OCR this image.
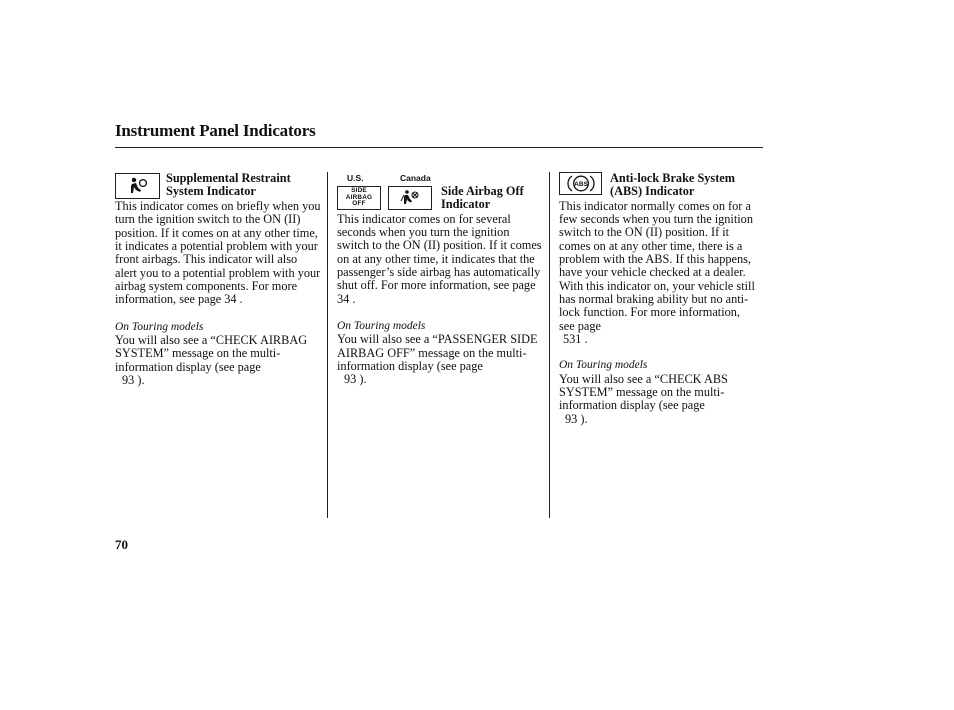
Instrument Panel Indicators
Supplemental Restraint
System Indicator

This indicator comes on briefly when you turn the ignition switch to the ON (II) position. If it comes on at any other time, it indicates a potential problem with your front airbags. This indicator will also alert you to a potential problem with your airbag system components. For more information, see page 34 .

On Touring models

You will also see a “CHECK AIRBAG SYSTEM” message on the multi-information display (see page

93 ).

U.S.	Canada
SIDE
AIRBAG
OFF
Side Airbag Off
Indicator

This indicator comes on for several seconds when you turn the ignition switch to the ON (II) position. If it comes on at any other time, it indicates that the passenger’s side airbag has automatically shut off. For more information, see page 34 .

On Touring models

You will also see a “PASSENGER SIDE AIRBAG OFF” message on the multi-information display (see page

93 ).

ABS Anti-lock Brake System
(ABS) Indicator

This indicator normally comes on for a few seconds when you turn the ignition switch to the ON (II) position. If it comes on at any other time, there is a problem with the ABS. If this happens, have your vehicle checked at a dealer. With this indicator on, your vehicle still has normal braking ability but no anti-lock function. For more information, see page

531 .

On Touring models

You will also see a “CHECK ABS SYSTEM” message on the multi-information display (see page

93 ).

70
